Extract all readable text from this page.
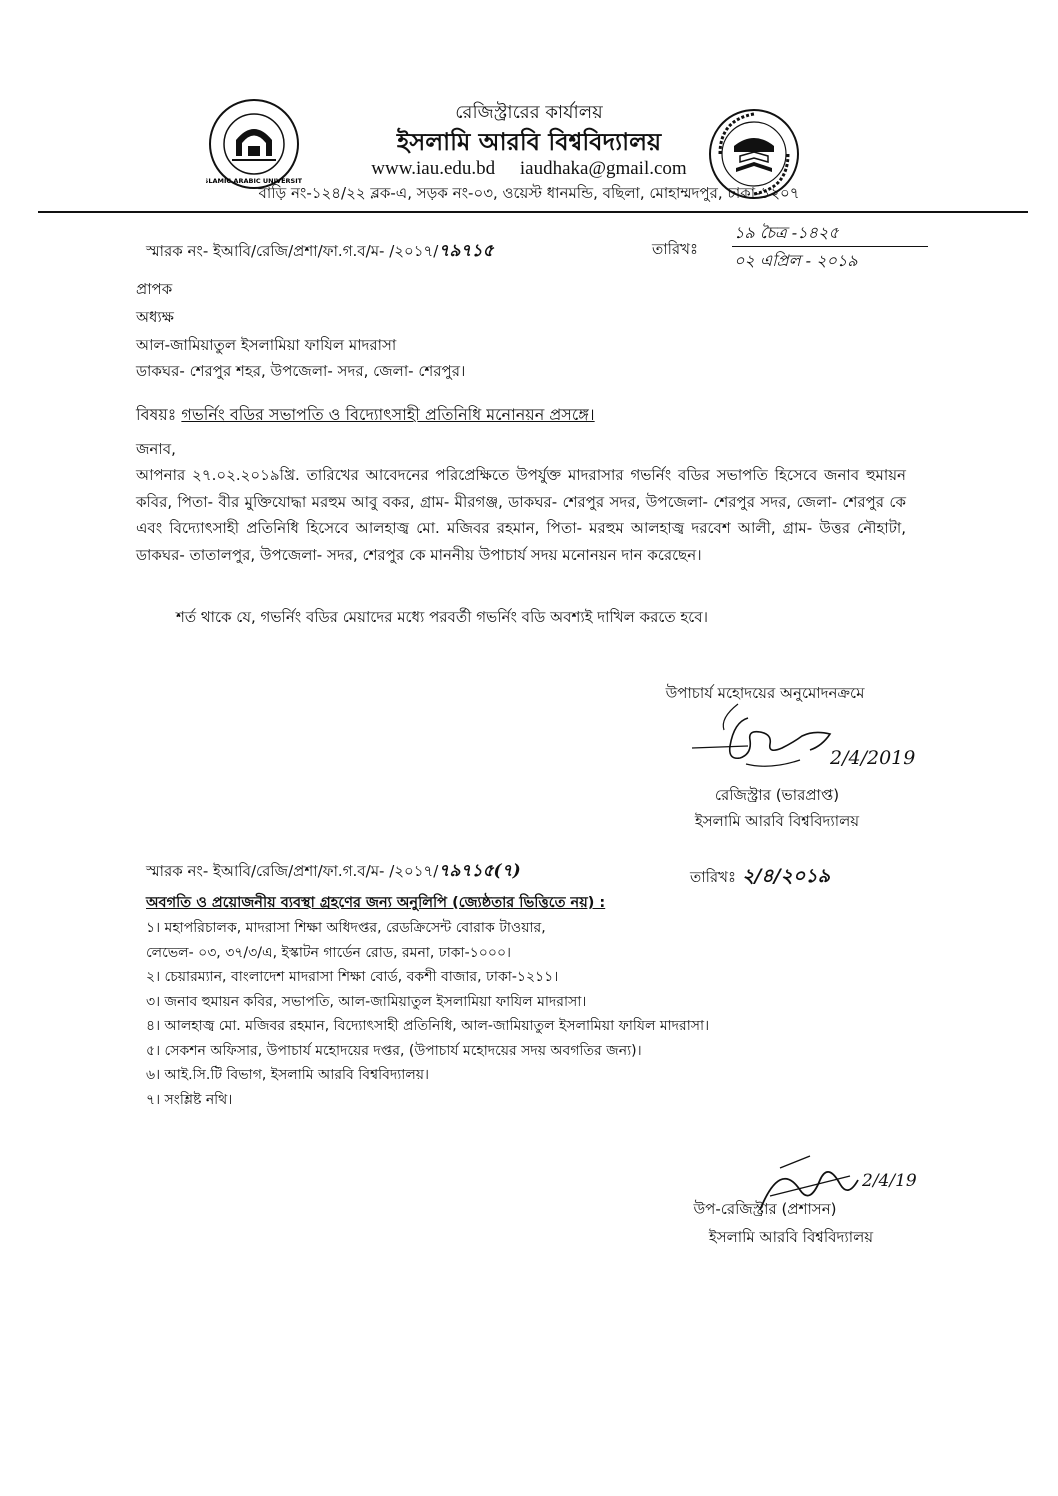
ISLAMIC ARABIC UNIVERSITY
রেজিস্ট্রারের কার্যালয়
ইসলামি আরবি বিশ্ববিদ্যালয়
www.iau.edu.bd iaudhaka@gmail.com
বাড়ি নং-১২৪/২২ ব্লক-এ, সড়ক নং-০৩, ওয়েস্ট ধানমন্ডি, বছিলা, মোহাম্মদপুর, ঢাকা-১২০৭
স্মারক নং- ইআবি/রেজি/প্রশা/ফা.গ.ব/ম- /২০১৭/৭৯৭১৫	তারিখঃ
১৯ চৈত্র -১৪২৫
০২ এপ্রিল - ২০১৯
প্রাপক
অধ্যক্ষ
আল-জামিয়াতুল ইসলামিয়া ফাযিল মাদরাসা
ডাকঘর- শেরপুর শহর, উপজেলা- সদর, জেলা- শেরপুর।
বিষয়ঃ গভর্নিং বডির সভাপতি ও বিদ্যোৎসাহী প্রতিনিধি মনোনয়ন প্রসঙ্গে।
জনাব,
আপনার ২৭.০২.২০১৯খ্রি. তারিখের আবেদনের পরিপ্রেক্ষিতে উপর্যুক্ত মাদরাসার গভর্নিং বডির সভাপতি হিসেবে জনাব হুমায়ন কবির, পিতা- বীর মুক্তিযোদ্ধা মরহুম আবু বকর, গ্রাম- মীরগঞ্জ, ডাকঘর- শেরপুর সদর, উপজেলা- শেরপুর সদর, জেলা- শেরপুর কে এবং বিদ্যোৎসাহী প্রতিনিধি হিসেবে আলহাজ্ব মো. মজিবর রহমান, পিতা- মরহুম আলহাজ্ব দরবেশ আলী, গ্রাম- উত্তর নৌহাটা, ডাকঘর- তাতালপুর, উপজেলা- সদর, শেরপুর কে মাননীয় উপাচার্য সদয় মনোনয়ন দান করেছেন।
শর্ত থাকে যে, গভর্নিং বডির মেয়াদের মধ্যে পরবর্তী গভর্নিং বডি অবশ্যই দাখিল করতে হবে।
উপাচার্য মহোদয়ের অনুমোদনক্রমে
2/4/2019
রেজিস্ট্রার (ভারপ্রাপ্ত)
ইসলামি আরবি বিশ্ববিদ্যালয়
স্মারক নং- ইআবি/রেজি/প্রশা/ফা.গ.ব/ম- /২০১৭/৭৯৭১৫(৭)	তারিখঃ ২/৪/২০১৯
অবগতি ও প্রয়োজনীয় ব্যবস্থা গ্রহণের জন্য অনুলিপি (জ্যেষ্ঠতার ভিত্তিতে নয়) :
১। মহাপরিচালক, মাদরাসা শিক্ষা অধিদপ্তর, রেডক্রিসেন্ট বোরাক টাওয়ার,
লেভেল- ০৩, ৩৭/৩/এ, ইস্কাটন গার্ডেন রোড, রমনা, ঢাকা-১০০০।
২। চেয়ারম্যান, বাংলাদেশ মাদরাসা শিক্ষা বোর্ড, বকশী বাজার, ঢাকা-১২১১।
৩। জনাব হুমায়ন কবির, সভাপতি, আল-জামিয়াতুল ইসলামিয়া ফাযিল মাদরাসা।
৪। আলহাজ্ব মো. মজিবর রহমান, বিদ্যোৎসাহী প্রতিনিধি, আল-জামিয়াতুল ইসলামিয়া ফাযিল মাদরাসা।
৫। সেকশন অফিসার, উপাচার্য মহোদয়ের দপ্তর, (উপাচার্য মহোদয়ের সদয় অবগতির জন্য)।
৬। আই.সি.টি বিভাগ, ইসলামি আরবি বিশ্ববিদ্যালয়।
৭। সংশ্লিষ্ট নথি।
2/4/19
উপ-রেজিস্ট্রার (প্রশাসন)
ইসলামি আরবি বিশ্ববিদ্যালয়
